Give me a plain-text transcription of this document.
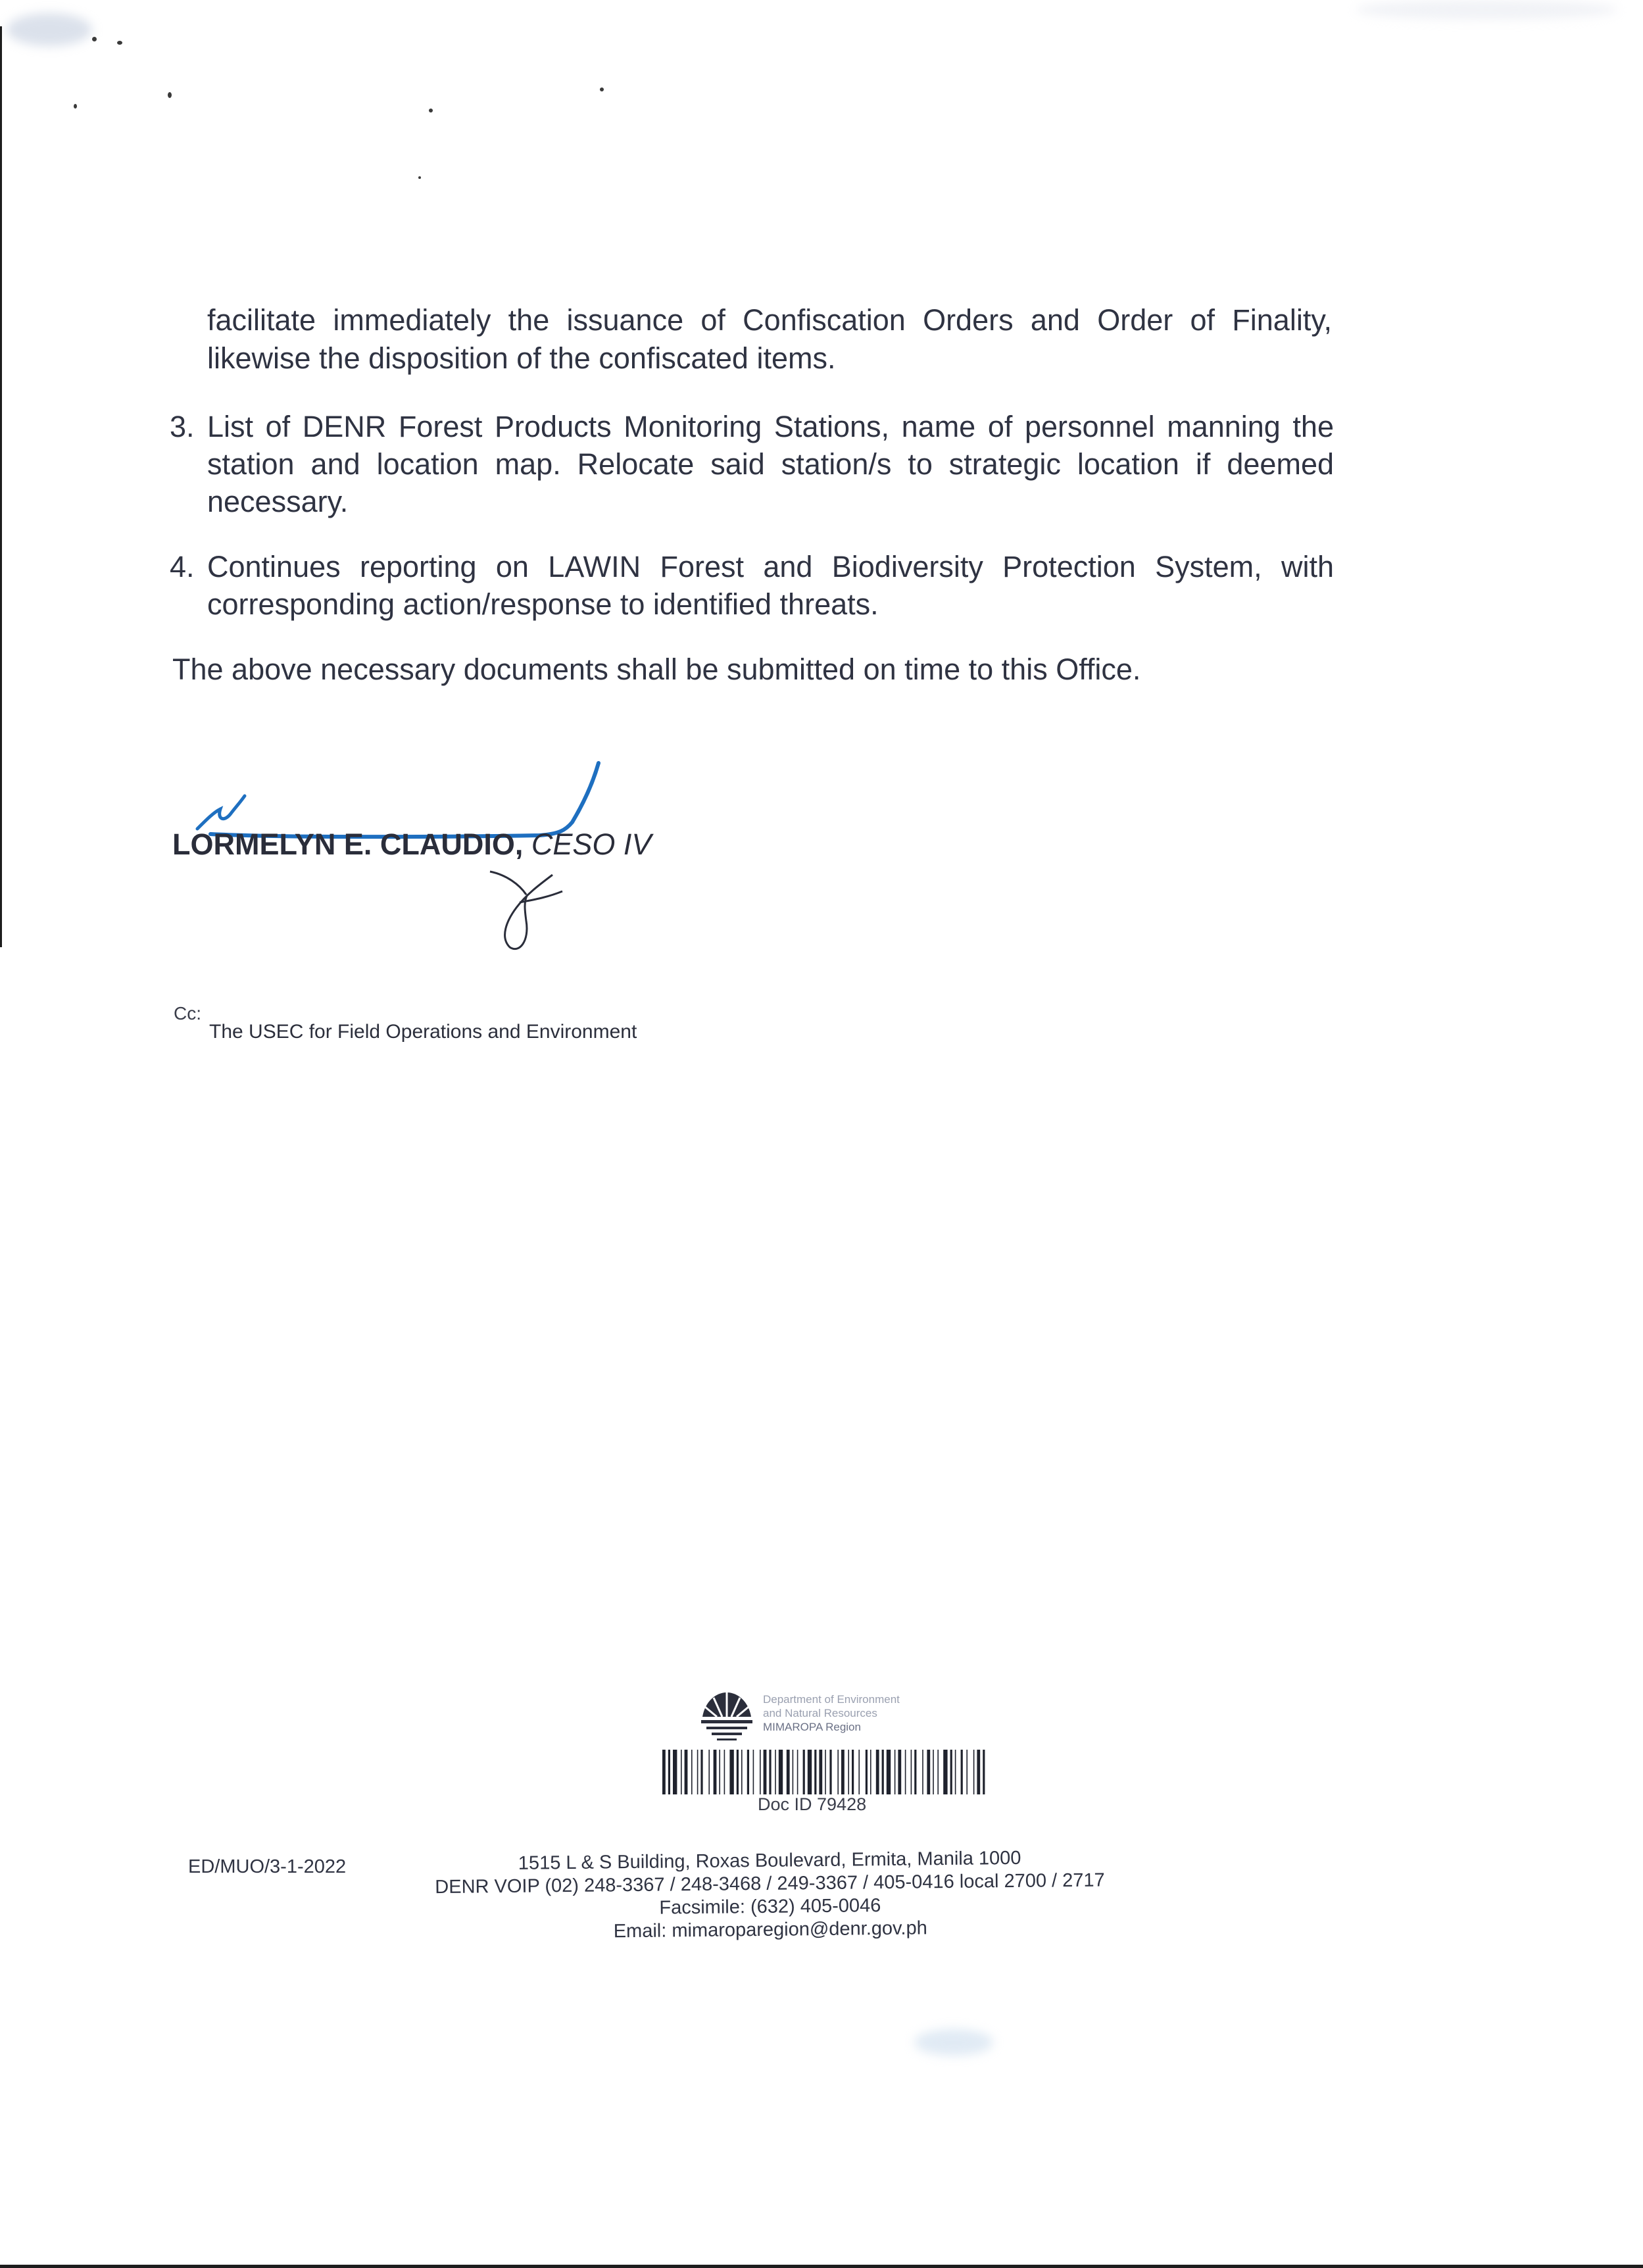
facilitate immediately the issuance of Confiscation Orders and Order of Finality, likewise the disposition of the confiscated items.
3. List of DENR Forest Products Monitoring Stations, name of personnel manning the station and location map. Relocate said station/s to strategic location if deemed necessary.
4. Continues reporting on LAWIN Forest and Biodiversity Protection System, with corresponding action/response to identified threats.
The above necessary documents shall be submitted on time to this Office.
LORMELYN E. CLAUDIO, CESO IV
Cc:
The USEC for Field Operations and Environment
Department of Environment
and Natural Resources
MIMAROPA Region
Doc ID 79428
ED/MUO/3-1-2022	1515 L & S Building, Roxas Boulevard, Ermita, Manila 1000
DENR VOIP (02) 248-3367 / 248-3468 / 249-3367 / 405-0416 local 2700 / 2717
Facsimile: (632) 405-0046
Email: mimaroparegion@denr.gov.ph
